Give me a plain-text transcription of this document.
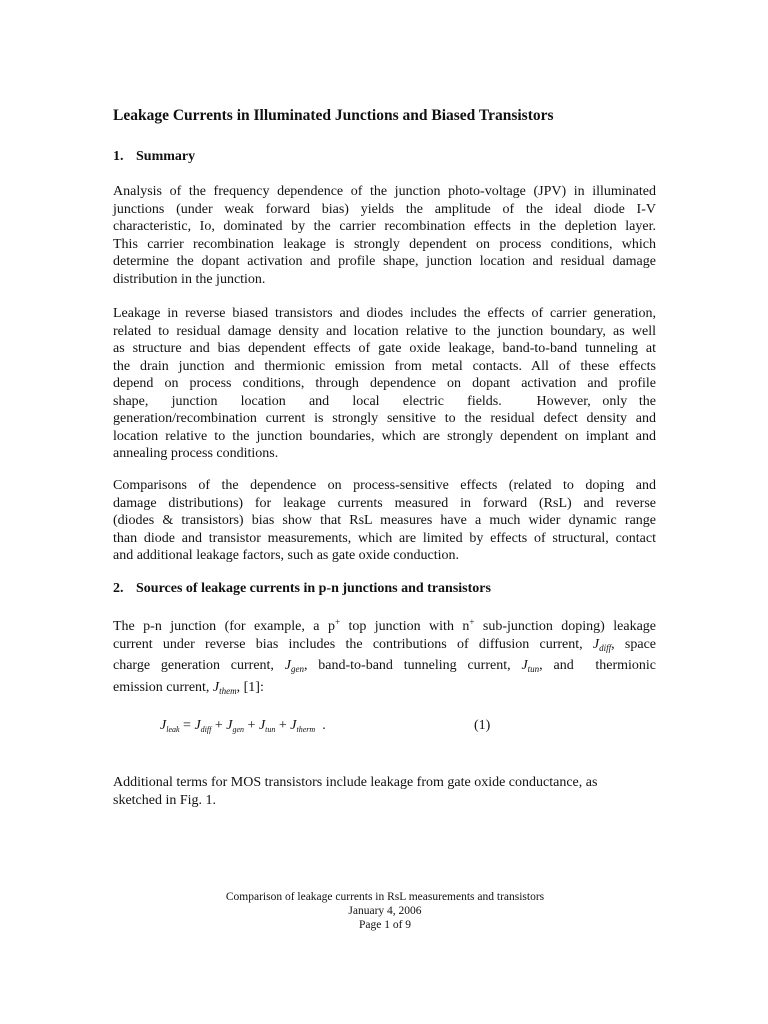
Leakage Currents in Illuminated Junctions and Biased Transistors
1. Summary
Analysis of the frequency dependence of the junction photo-voltage (JPV) in illuminated
junctions (under weak forward bias) yields the amplitude of the ideal diode I-V
characteristic, Io, dominated by the carrier recombination effects in the depletion layer.
This carrier recombination leakage is strongly dependent on process conditions, which
determine the dopant activation and profile shape, junction location and residual damage
distribution in the junction.
Leakage in reverse biased transistors and diodes includes the effects of carrier generation,
related to residual damage density and location relative to the junction boundary, as well
as structure and bias dependent effects of gate oxide leakage, band-to-band tunneling at
the drain junction and thermionic emission from metal contacts. All of these effects
depend on process conditions, through dependence on dopant activation and profile
shape,    junction    location    and    local    electric    fields.      However,  only  the
generation/recombination current is strongly sensitive to the residual defect density and
location relative to the junction boundaries, which are strongly dependent on implant and
annealing process conditions.
Comparisons of the dependence on process-sensitive effects (related to doping and
damage distributions) for leakage currents measured in forward (RsL) and reverse
(diodes & transistors) bias show that RsL measures have a much wider dynamic range
than diode and transistor measurements, which are limited by effects of structural, contact
and additional leakage factors, such as gate oxide conduction.
2. Sources of leakage currents in p-n junctions and transistors
The p-n junction (for example, a p+ top junction with n+ sub-junction doping) leakage
current under reverse bias includes the contributions of diffusion current, $J_{diff}$, space
charge generation current, $J_{gen}$, band-to-band tunneling current, $J_{tun}$, and  thermionic
emission current, $J_{them}$, [1]:
$J_{leak} = J_{diff} + J_{gen} + J_{tun} + J_{therm}$  .	(1)
Additional terms for MOS transistors include leakage from gate oxide conductance, as
sketched in Fig. 1.
Comparison of leakage currents in RsL measurements and transistors
January 4, 2006
Page 1 of 9
